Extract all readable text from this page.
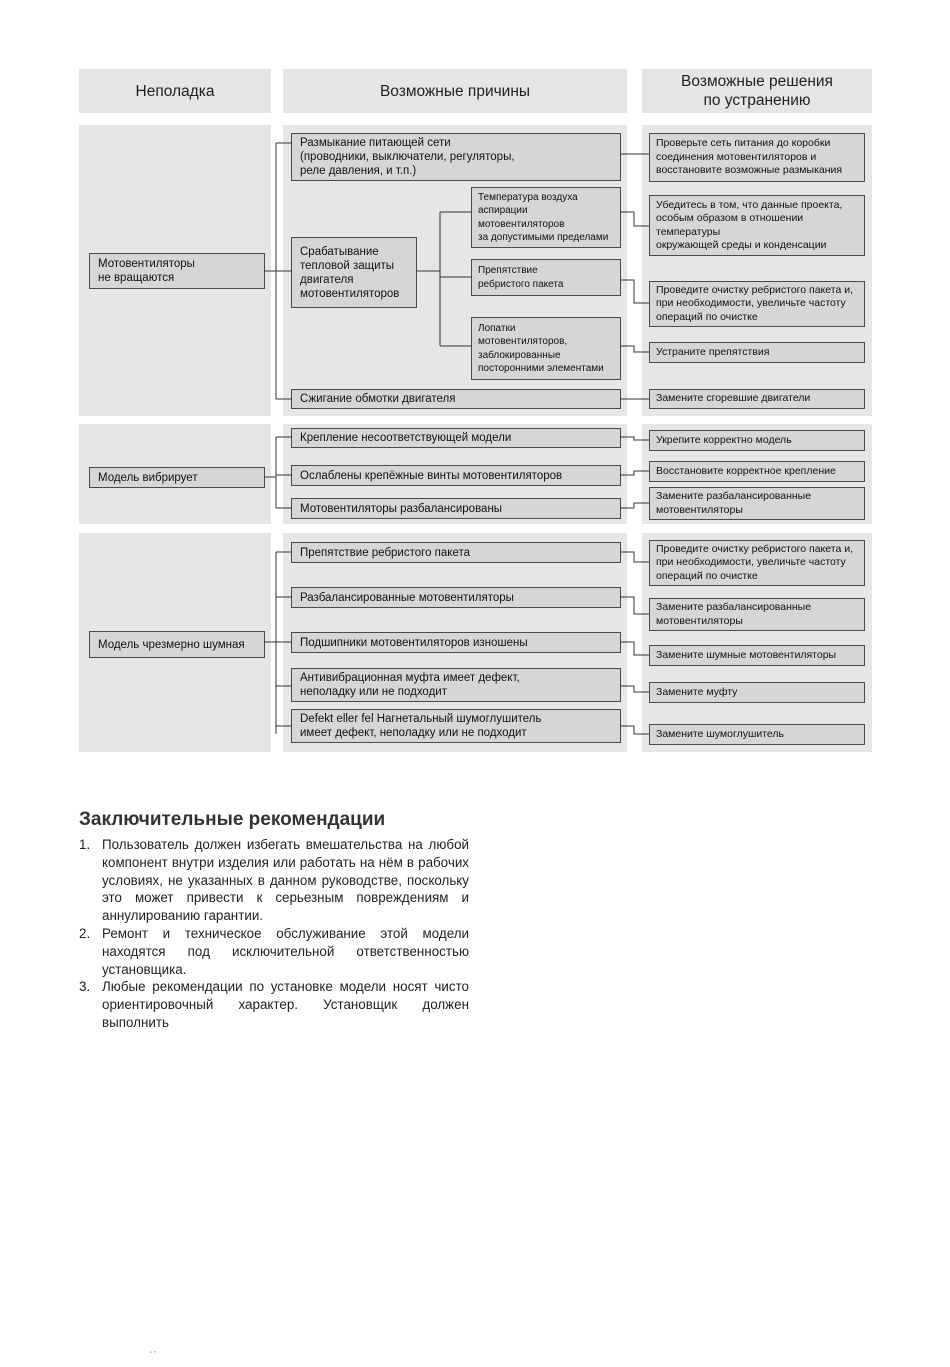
Неполадка	Возможные причины
Возможные решения
по устранению
Мотовентиляторы
не вращаются
Модель вибрирует
Модель чрезмерно шумная
Размыкание питающей сети
(проводники, выключатели, регуляторы,
реле давления, и т.п.)
Срабатывание
тепловой защиты
двигателя
мотовентиляторов
Сжигание обмотки двигателя
Крепление несоответствующей модели
Ослаблены крепёжные винты мотовентиляторов
Мотовентиляторы разбалансированы
Препятствие ребристого пакета
Разбалансированные мотовентиляторы
Подшипники мотовентиляторов изношены
Антивибрационная муфта имеет дефект,
неполадку или не подходит
Defekt eller fel Нагнетальный шумоглушитель
имеет дефект, неполадку или не подходит
Температура воздуха
аспирации
мотовентиляторов
за допустимыми пределами
Препятствие
ребристого пакета
Лопатки
мотовентиляторов,
заблокированные
посторонними элементами
Проверьте сеть питания до коробки
соединения мотовентиляторов и
восстановите возможные размыкания
Убедитесь в том, что данные проекта,
особым образом в отношении температуры
окружающей среды и конденсации
Проведите очистку ребристого пакета и,
при необходимости, увеличьте частоту
операций по очистке
Устраните препятствия
Замените сгоревшие двигатели
Укрепите корректно модель
Восстановите корректное крепление
Замените разбалансированные
мотовентиляторы
Проведите очистку ребристого пакета и,
при необходимости, увеличьте частоту
операций по очистке
Замените разбалансированные
мотовентиляторы
Замените шумные мотовентиляторы
Замените муфту
Замените шумоглушитель
Заключительные рекомендации
1. Пользователь должен избегать вмешательства на любой компонент внутри изделия или работать на нём в рабочих условиях, не указанных в данном руководстве, поскольку это может привести к серьезным повреждениям и аннулированию гарантии.
2. Ремонт и техническое обслуживание этой модели находятся под исключительной ответственностью установщика.
3. Любые рекомендации по установке модели носят чисто ориентировочный характер. Установщик должен выполнить
‘ ’
